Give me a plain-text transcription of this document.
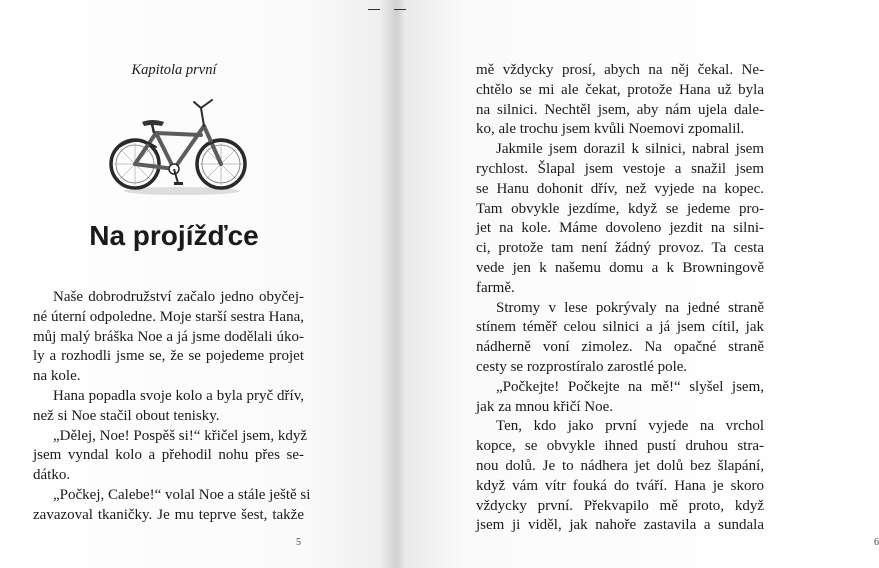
Kapitola první
Na projížďce
Naše dobrodružství začalo jedno obyčej-
né úterní odpoledne. Moje starší sestra Hana,
můj malý bráška Noe a já jsme dodělali úko-
ly a rozhodli jsme se, že se pojedeme projet
na kole.
Hana popadla svoje kolo a byla pryč dřív,
než si Noe stačil obout tenisky.
„Dělej, Noe! Pospěš si!“ křičel jsem, když
jsem vyndal kolo a přehodil nohu přes se-
dátko.
„Počkej, Calebe!“ volal Noe a stále ještě si
zavazoval tkaničky. Je mu teprve šest, takže
5	6
mě vždycky prosí, abych na něj čekal. Ne-
chtělo se mi ale čekat, protože Hana už byla
na silnici. Nechtěl jsem, aby nám ujela dale-
ko, ale trochu jsem kvůli Noemovi zpomalil.
Jakmile jsem dorazil k silnici, nabral jsem
rychlost. Šlapal jsem vestoje a snažil jsem
se Hanu dohonit dřív, než vyjede na kopec.
Tam obvykle jezdíme, když se jedeme pro-
jet na kole. Máme dovoleno jezdit na silni-
ci, protože tam není žádný provoz. Ta cesta
vede jen k našemu domu a k Browningově
farmě.
Stromy v lese pokrývaly na jedné straně
stínem téměř celou silnici a já jsem cítil, jak
nádherně voní zimolez. Na opačné straně
cesty se rozprostíralo zarostlé pole.
„Počkejte! Počkejte na mě!“ slyšel jsem,
jak za mnou křičí Noe.
Ten, kdo jako první vyjede na vrchol
kopce, se obvykle ihned pustí druhou stra-
nou dolů. Je to nádhera jet dolů bez šlapání,
když vám vítr fouká do tváří. Hana je skoro
vždycky první. Překvapilo mě proto, když
jsem ji viděl, jak nahoře zastavila a sundala
